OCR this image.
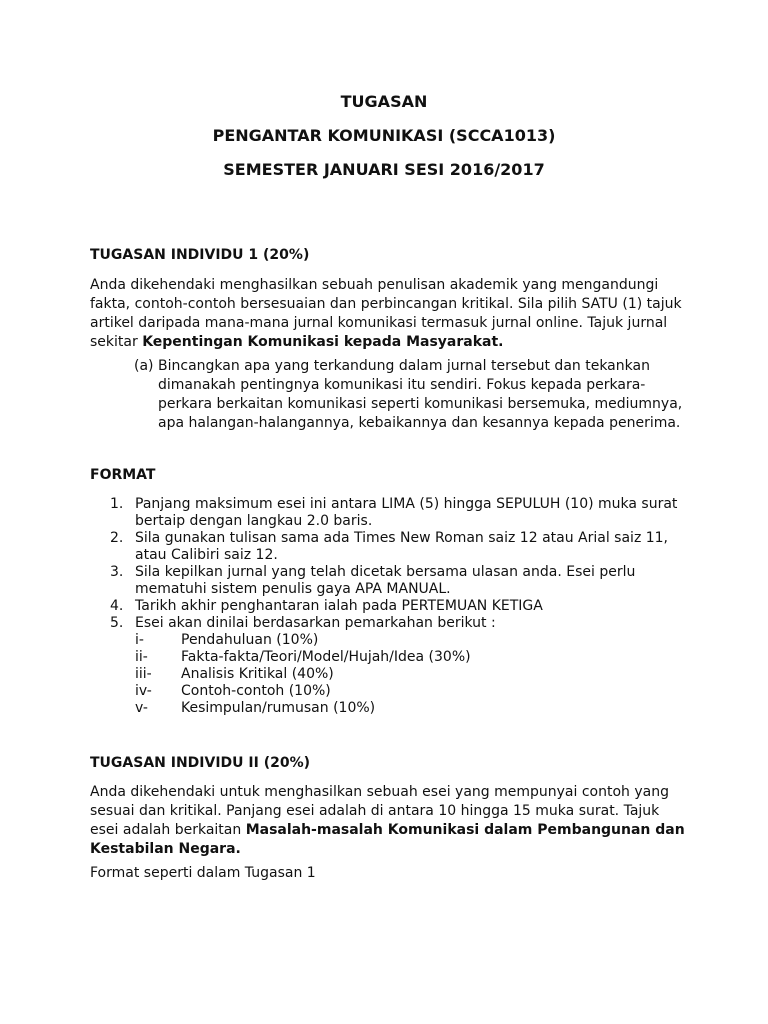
TUGASAN
PENGANTAR KOMUNIKASI (SCCA1013)
SEMESTER JANUARI SESI 2016/2017
TUGASAN INDIVIDU 1 (20%)

Anda dikehendaki menghasilkan sebuah penulisan akademik yang mengandungi fakta, contoh-contoh bersesuaian dan perbincangan kritikal. Sila pilih SATU (1) tajuk artikel daripada mana-mana jurnal komunikasi termasuk jurnal online. Tajuk jurnal sekitar Kepentingan Komunikasi kepada Masyarakat.

(a) Bincangkan apa yang terkandung dalam jurnal tersebut dan tekankan dimanakah pentingnya komunikasi itu sendiri. Fokus kepada perkara-perkara berkaitan komunikasi seperti komunikasi bersemuka, mediumnya, apa halangan-halangannya, kebaikannya dan kesannya kepada penerima.
FORMAT
1. Panjang maksimum esei ini antara LIMA (5) hingga SEPULUH (10) muka surat bertaip dengan langkau 2.0 baris.
2. Sila gunakan tulisan sama ada Times New Roman saiz 12 atau Arial saiz 11, atau Calibiri saiz 12.
3. Sila kepilkan jurnal yang telah dicetak bersama ulasan anda. Esei perlu mematuhi sistem penulis gaya APA MANUAL.
4. Tarikh akhir penghantaran ialah pada PERTEMUAN KETIGA
5. Esei akan dinilai berdasarkan pemarkahan berikut :
i-	Pendahuluan (10%)
ii- Fakta-fakta/Teori/Model/Hujah/Idea (30%)
iii- Analisis Kritikal (40%)
iv- Contoh-contoh (10%)
v- Kesimpulan/rumusan (10%)
TUGASAN INDIVIDU II (20%)

Anda dikehendaki untuk menghasilkan sebuah esei yang mempunyai contoh yang sesuai dan kritikal. Panjang esei adalah di antara 10 hingga 15 muka surat. Tajuk esei adalah berkaitan Masalah-masalah Komunikasi dalam Pembangunan dan Kestabilan Negara.

Format seperti dalam Tugasan 1
